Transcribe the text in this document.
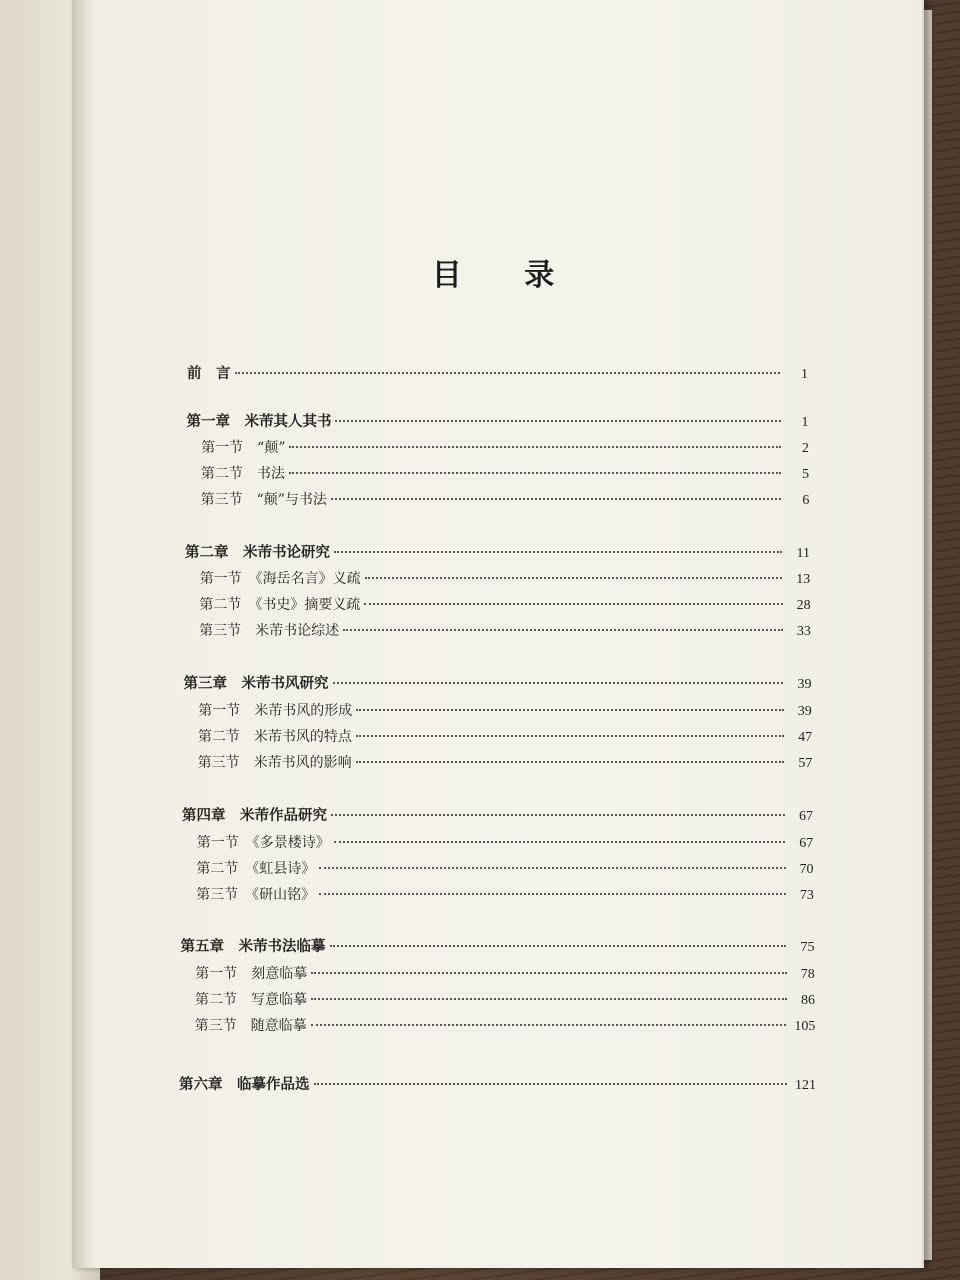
目 录
前　言	1
第一章　米芾其人其书	1
第一节　“颠”	2
第二节　书法	5
第三节　“颠”与书法	6
第二章　米芾书论研究	11
第一节　《海岳名言》义疏	13
第二节　《书史》摘要义疏	28
第三节　米芾书论综述	33
第三章　米芾书风研究	39
第一节　米芾书风的形成	39
第二节　米芾书风的特点	47
第三节　米芾书风的影响	57
第四章　米芾作品研究	67
第一节　《多景楼诗》	67
第二节　《虹县诗》	70
第三节　《研山铭》	73
第五章　米芾书法临摹	75
第一节　刻意临摹	78
第二节　写意临摹	86
第三节　随意临摹	105
第六章　临摹作品选	121
